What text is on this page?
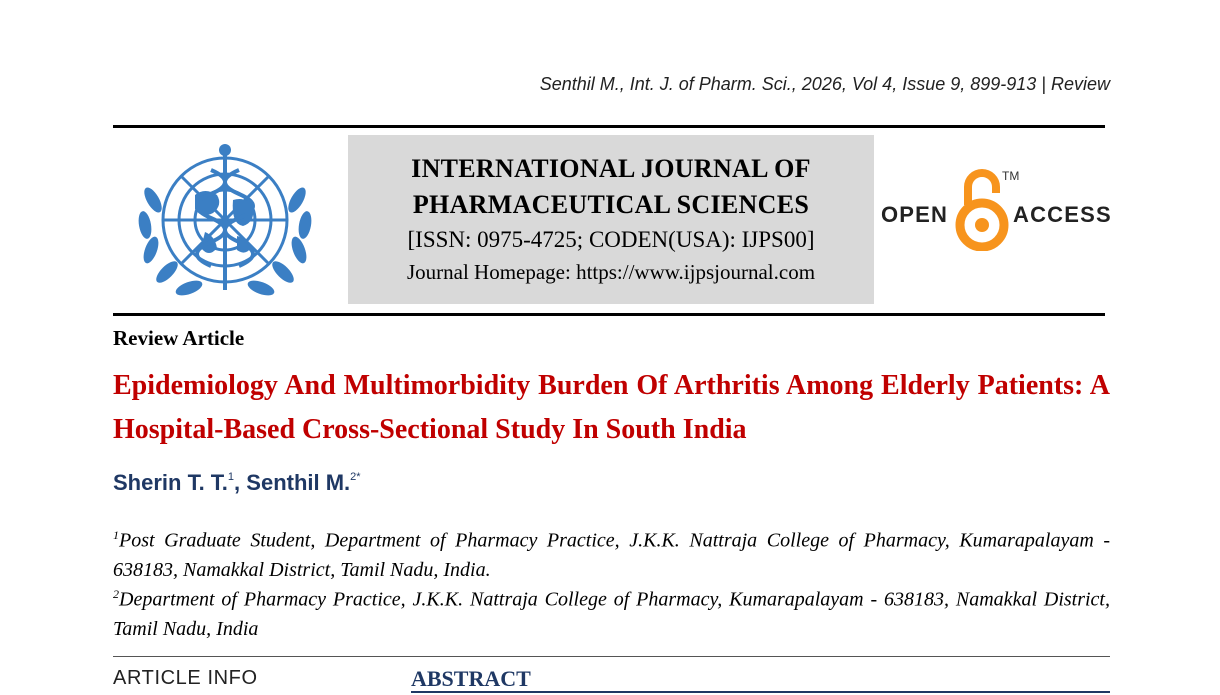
Senthil M., Int. J. of Pharm. Sci., 2026, Vol 4, Issue 9, 899-913 | Review
INTERNATIONAL JOURNAL OF
PHARMACEUTICAL SCIENCES
[ISSN: 0975-4725; CODEN(USA): IJPS00]
Journal Homepage: https://www.ijpsjournal.com
OPEN
TM
ACCESS
Review Article
Epidemiology And Multimorbidity Burden Of Arthritis Among Elderly Patients: A Hospital-Based Cross-Sectional Study In South India
Sherin T. T.$^1$, Senthil M.$^{2*}$
$^1$Post Graduate Student, Department of Pharmacy Practice, J.K.K. Nattraja College of Pharmacy, Kumarapalayam - 638183, Namakkal District, Tamil Nadu, India.
$^2$Department of Pharmacy Practice, J.K.K. Nattraja College of Pharmacy, Kumarapalayam - 638183, Namakkal District, Tamil Nadu, India
ARTICLE INFO	ABSTRACT
